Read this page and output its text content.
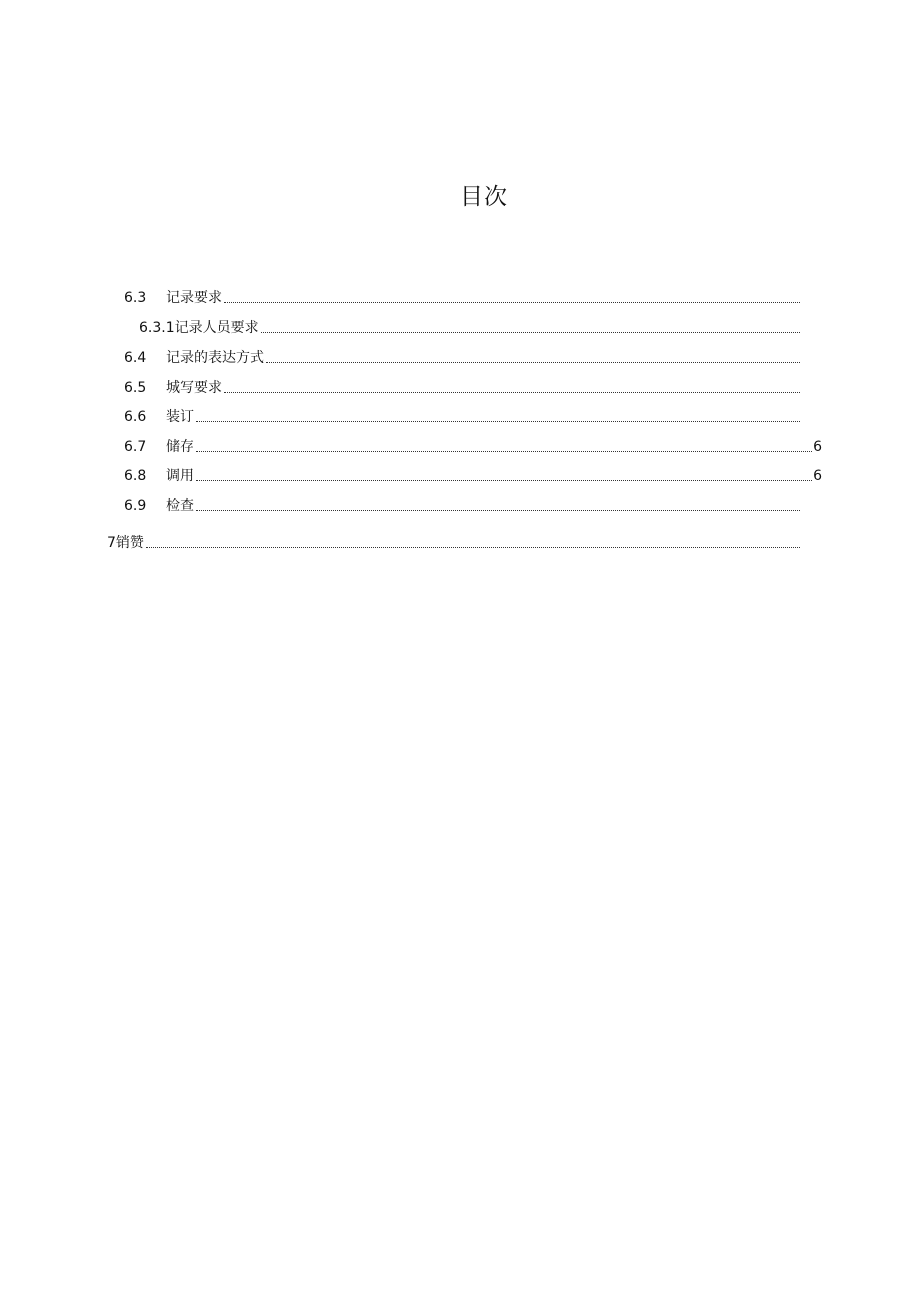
目次
6.3	记录要求
6.3.1 记录人员要求
6.4	记录的表达方式
6.5	城写要求
6.6	装订
6.7	储存	6
6.8	调用	6
6.9	检查
7 销赞
